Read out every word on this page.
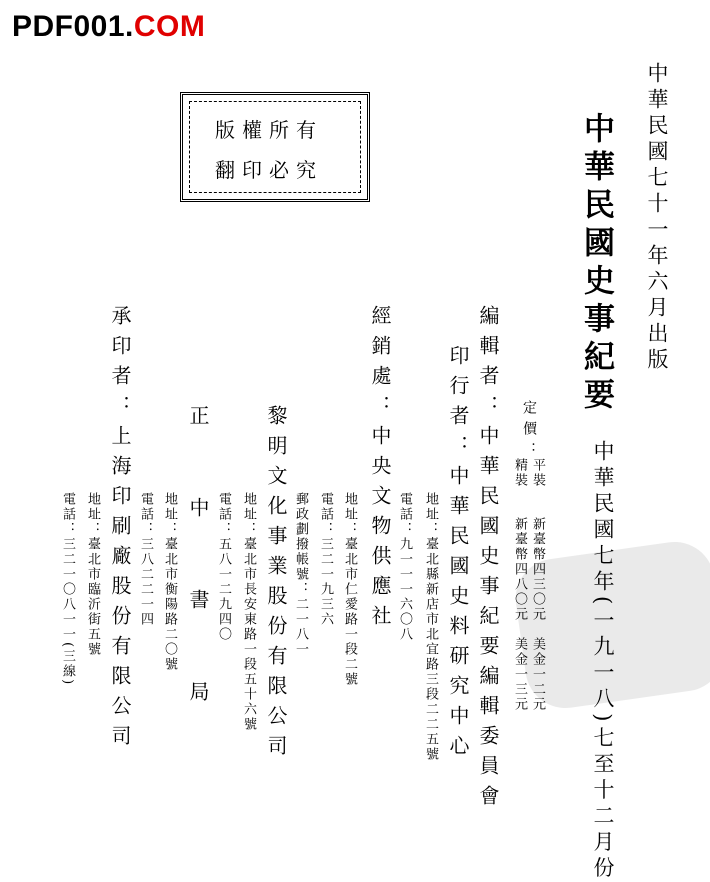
PDF001.COM
中華民國七十一年六月出版
中華民國史事紀要
中華民國七年(一九一八)七至十二月份
版權所有
翻印必究
定價：
平裝
精裝
新臺幣四三〇元　美金一二元
新臺幣四八〇元　美金一三元
編輯者：中華民國史事紀要編輯委員會
印行者：中華民國史料研究中心
地址：臺北縣新店市北宜路三段二二五號
電話：九一一一六〇八
經銷處：中央文物供應社
地址：臺北市仁愛路一段二號
電話：三二一九三六
郵政劃撥帳號：二一八一
黎明文化事業股份有限公司
地址：臺北市長安東路一段五十六號
電話：五八一二九四〇
正中書局
地址：臺北市衡陽路二〇號
電話：三八二二一四
承印者：上海印刷廠股份有限公司
地址：臺北市臨沂街五號
電話：三二一〇八一一(三線)
